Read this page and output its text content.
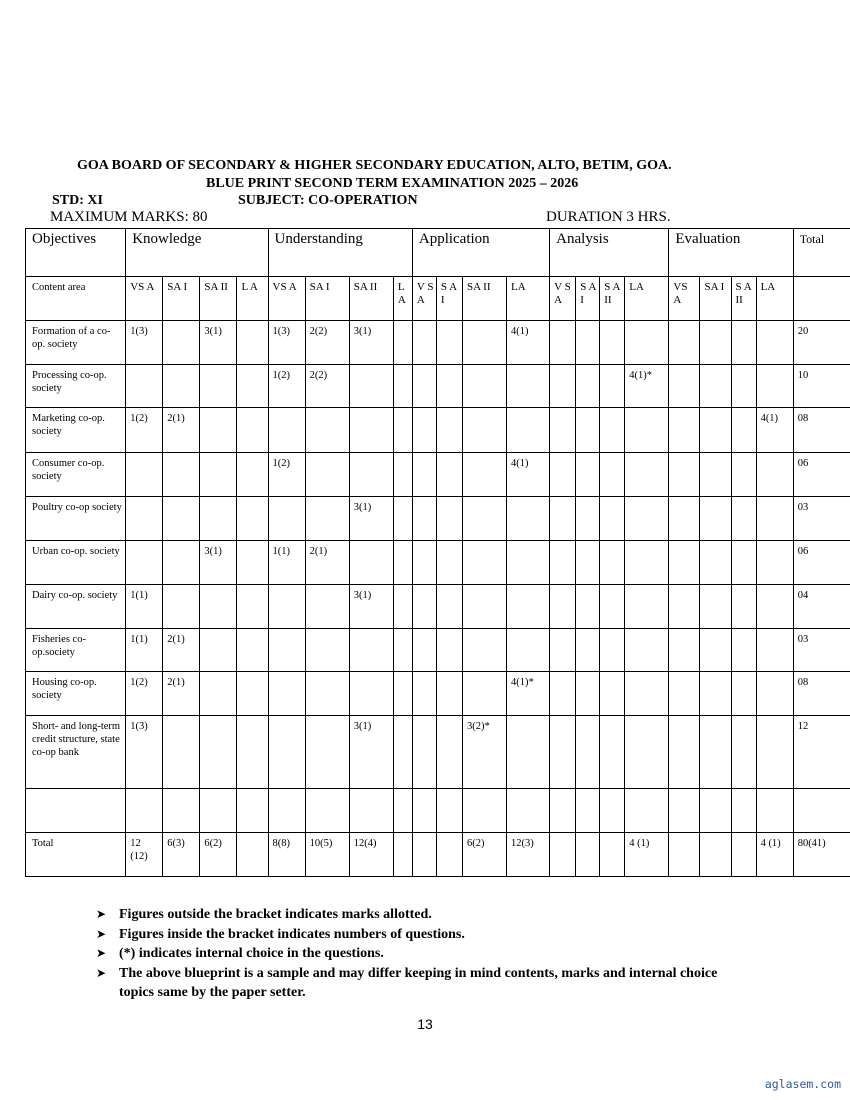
GOA BOARD OF SECONDARY & HIGHER SECONDARY EDUCATION, ALTO, BETIM, GOA.
BLUE PRINT SECOND TERM EXAMINATION 2025 – 2026
STD: XI	SUBJECT: CO-OPERATION
MAXIMUM MARKS: 80	DURATION 3 HRS.
Objectives	Knowledge				Understanding				Application				Analysis				Evaluation				Total
Content area	VS A	SA I	SA II	L A	VS A	SA I	SA II	L A	V S A	S A I	SA II	LA	V S A	S A I	S A II	LA	VS A	SA I	S A II	LA	
Formation of a co-op. society	1(3)		3(1)		1(3)	2(2)	3(1)					4(1)									20
Processing co-op. society					1(2)	2(2)										4(1)*					10
Marketing co-op. society	1(2)	2(1)																		4(1)	08
Consumer co-op. society					1(2)							4(1)									06
Poultry co-op society							3(1)														03
Urban co-op. society			3(1)		1(1)	2(1)															06
Dairy co-op. society	1(1)						3(1)														04
Fisheries co-op.society	1(1)	2(1)																			03
Housing co-op. society	1(2)	2(1)										4(1)*									08
Short- and long-term credit structure, state co-op bank	1(3)						3(1)				3(2)*										12

Total	12 (12)	6(3)	6(2)		8(8)	10(5)	12(4)				6(2)	12(3)				4 (1)				4 (1)	80(41)
➤ Figures outside the bracket indicates marks allotted.
➤ Figures inside the bracket indicates numbers of questions.
➤ (*) indicates internal choice in the questions.
➤ The above blueprint is a sample and may differ keeping in mind contents, marks and internal choice topics same by the paper setter.
13
aglasem.com
